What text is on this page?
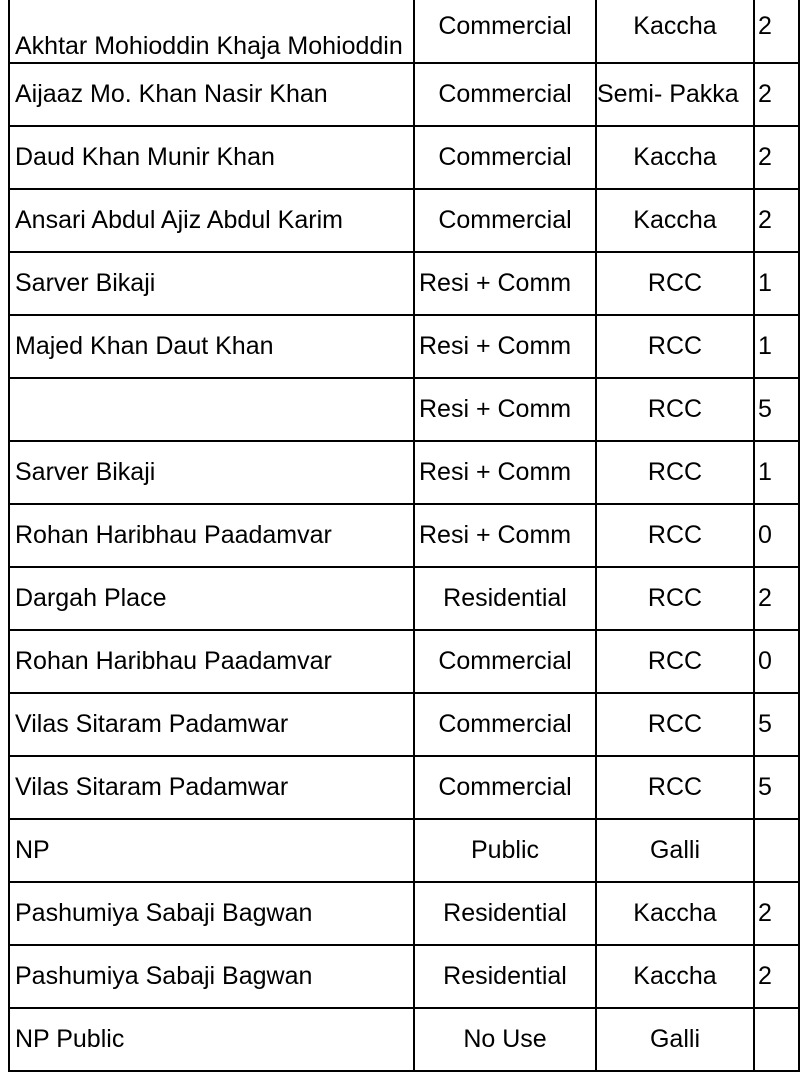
Akhtar Mohioddin Khaja Mohioddin	Commercial	Kaccha	2
Aijaaz Mo. Khan Nasir Khan	Commercial	Semi- Pakka	2
Daud Khan Munir Khan	Commercial	Kaccha	2
Ansari Abdul Ajiz Abdul Karim	Commercial	Kaccha	2
Sarver Bikaji	Resi + Comm	RCC	1
Majed Khan Daut Khan	Resi + Comm	RCC	1
	Resi + Comm	RCC	5
Sarver Bikaji	Resi + Comm	RCC	1
Rohan Haribhau Paadamvar	Resi + Comm	RCC	0
Dargah Place	Residential	RCC	2
Rohan Haribhau Paadamvar	Commercial	RCC	0
Vilas Sitaram Padamwar	Commercial	RCC	5
Vilas Sitaram Padamwar	Commercial	RCC	5
NP	Public	Galli	
Pashumiya Sabaji Bagwan	Residential	Kaccha	2
Pashumiya Sabaji Bagwan	Residential	Kaccha	2
NP Public	No Use	Galli	
